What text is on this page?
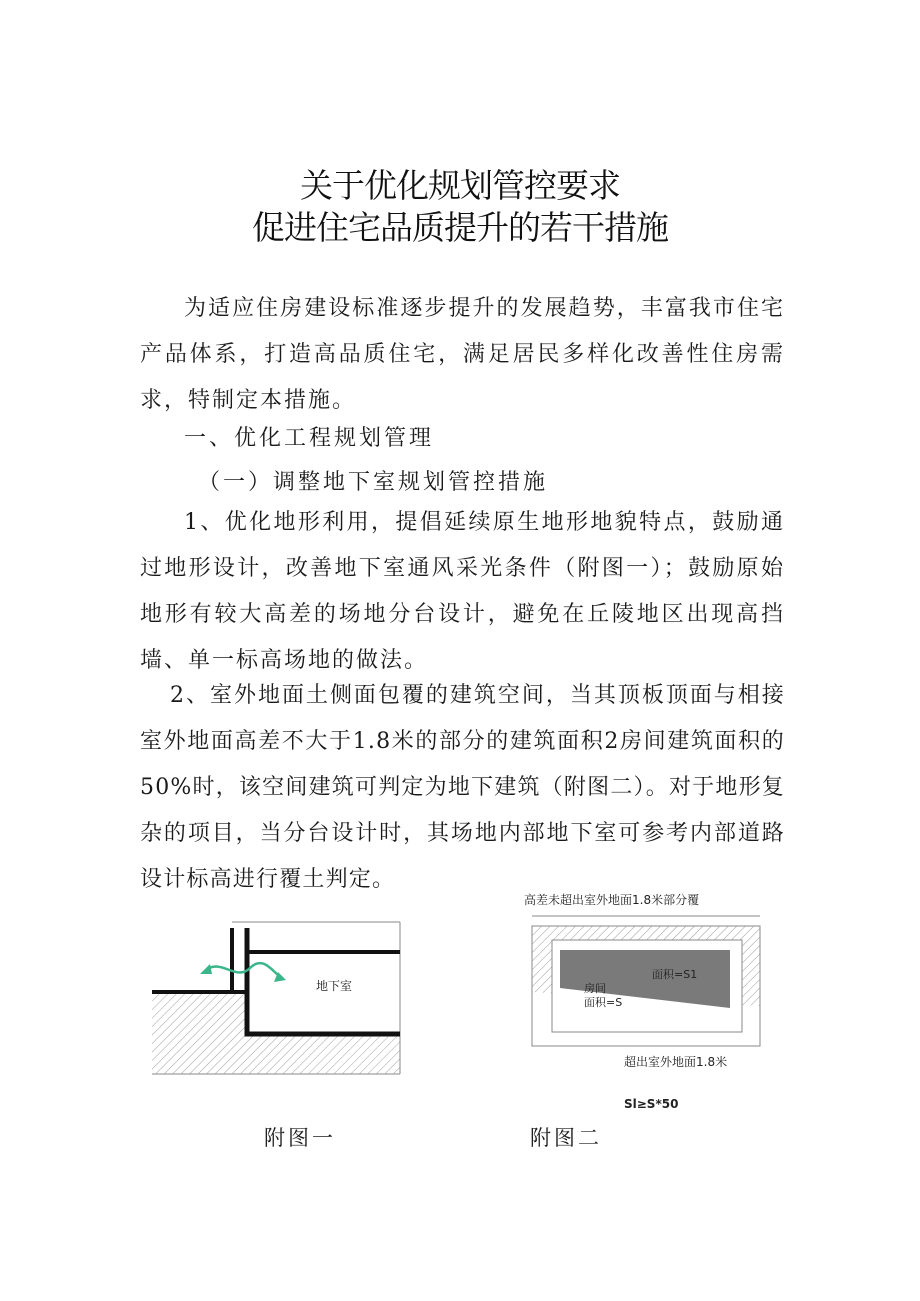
关于优化规划管控要求
促进住宅品质提升的若干措施

为适应住房建设标准逐步提升的发展趋势，丰富我市住宅产品体系，打造高品质住宅，满足居民多样化改善性住房需求，特制定本措施。

一、优化工程规划管理

（一）调整地下室规划管控措施

1、优化地形利用，提倡延续原生地形地貌特点，鼓励通过地形设计，改善地下室通风采光条件（附图一）；鼓励原始地形有较大高差的场地分台设计，避免在丘陵地区出现高挡墙、单一标高场地的做法。

2、室外地面土侧面包覆的建筑空间，当其顶板顶面与相接室外地面高差不大于1.8米的部分的建筑面积2房间建筑面积的50%时，该空间建筑可判定为地下建筑（附图二）。对于地形复杂的项目，当分台设计时，其场地内部地下室可参考内部道路设计标高进行覆土判定。

地下室
附图一
高差未超出室外地面1.8米部分覆
面积=S1
房间
面积=S
超出室外地面1.8米
Sl≥S*50
附图二
